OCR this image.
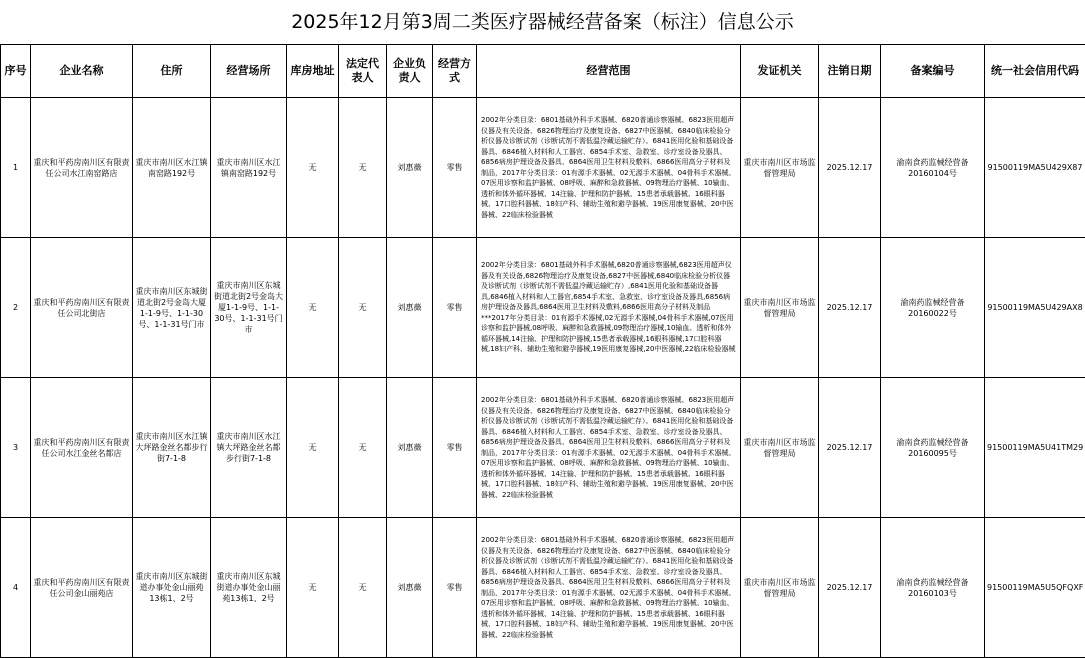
2025年12月第3周二类医疗器械经营备案（标注）信息公示
序号	企业名称	住所	经营场所	库房地址	法定代表人	企业负责人	经营方式	经营范围	发证机关	注销日期	备案编号	统一社会信用代码
1	重庆和平药房南川区有限责任公司水江南窑路店	重庆市南川区水江镇南窑路192号	重庆市南川区水江镇南窑路192号	无	无	刘惠薇	零售	2002年分类目录：6801基础外科手术器械、6820普通诊察器械、6823医用超声仪器及有关设备、6826物理治疗及康复设备、6827中医器械、6840临床检验分析仪器及诊断试剂（诊断试剂不需低温冷藏运输贮存）、6841医用化验和基础设备器具、6846植入材料和人工器官、6854手术室、急救室、诊疗室设备及器具、6856病房护理设备及器具、6864医用卫生材料及敷料、6866医用高分子材料及制品，2017年分类目录：01有源手术器械、02无源手术器械、04骨科手术器械、07医用诊察和监护器械、08呼吸、麻醉和急救器械、09物理治疗器械、10输血、透析和体外循环器械、14注输、护理和防护器械、15患者承载器械、16眼科器械、17口腔科器械、18妇产科、辅助生殖和避孕器械、19医用康复器械、20中医器械、22临床检验器械	重庆市南川区市场监督管理局	2025.12.17	渝南食药监械经营备20160104号	91500119MA5U429X87
2	重庆和平药房南川区有限责任公司北街店	重庆市南川区东城街道北街2号金岛大厦1-1-9号、1-1-30号、1-1-31号门市	重庆市南川区东城街道北街2号金岛大厦1-1-9号、1-1-30号、1-1-31号门市	无	无	刘惠薇	零售	2002年分类目录：6801基础外科手术器械,6820普通诊察器械,6823医用超声仪器及有关设备,6826物理治疗及康复设备,6827中医器械,6840临床检验分析仪器及诊断试剂（诊断试剂不需低温冷藏运输贮存）,6841医用化验和基础设备器具,6846植入材料和人工器官,6854手术室、急救室、诊疗室设备及器具,6856病房护理设备及器具,6864医用卫生材料及敷料,6866医用高分子材料及制品***2017年分类目录：01有源手术器械,02无源手术器械,04骨科手术器械,07医用诊察和监护器械,08呼吸、麻醉和急救器械,09物理治疗器械,10输血、透析和体外循环器械,14注输、护理和防护器械,15患者承载器械,16眼科器械,17口腔科器械,18妇产科、辅助生殖和避孕器械,19医用康复器械,20中医器械,22临床检验器械	重庆市南川区市场监督管理局	2025.12.17	渝南药监械经营备20160022号	91500119MA5U429AX8
3	重庆和平药房南川区有限责任公司水江金丝名都店	重庆市南川区水江镇大坪路金丝名都步行街7-1-8	重庆市南川区水江镇大坪路金丝名都步行街7-1-8	无	无	刘惠薇	零售	2002年分类目录：6801基础外科手术器械、6820普通诊察器械、6823医用超声仪器及有关设备、6826物理治疗及康复设备、6827中医器械、6840临床检验分析仪器及诊断试剂（诊断试剂不需低温冷藏运输贮存）、6841医用化验和基础设备器具、6846植入材料和人工器官、6854手术室、急救室、诊疗室设备及器具、6856病房护理设备及器具、6864医用卫生材料及敷料、6866医用高分子材料及制品，2017年分类目录：01有源手术器械、02无源手术器械、04骨科手术器械、07医用诊察和监护器械、08呼吸、麻醉和急救器械、09物理治疗器械、10输血、透析和体外循环器械、14注输、护理和防护器械、15患者承载器械、16眼科器械、17口腔科器械、18妇产科、辅助生殖和避孕器械、19医用康复器械、20中医器械、22临床检验器械	重庆市南川区市场监督管理局	2025.12.17	渝南食药监械经营备20160095号	91500119MA5U41TM29
4	重庆和平药房南川区有限责任公司金山丽苑店	重庆市南川区东城街道办事处金山丽苑13栋1、2号	重庆市南川区东城街道办事处金山丽苑13栋1、2号	无	无	刘惠薇	零售	2002年分类目录：6801基础外科手术器械、6820普通诊察器械、6823医用超声仪器及有关设备、6826物理治疗及康复设备、6827中医器械、6840临床检验分析仪器及诊断试剂（诊断试剂不需低温冷藏运输贮存）、6841医用化验和基础设备器具、6846植入材料和人工器官、6854手术室、急救室、诊疗室设备及器具、6856病房护理设备及器具、6864医用卫生材料及敷料、6866医用高分子材料及制品，2017年分类目录：01有源手术器械、02无源手术器械、04骨科手术器械、07医用诊察和监护器械、08呼吸、麻醉和急救器械、09物理治疗器械、10输血、透析和体外循环器械、14注输、护理和防护器械、15患者承载器械、16眼科器械、17口腔科器械、18妇产科、辅助生殖和避孕器械、19医用康复器械、20中医器械、22临床检验器械	重庆市南川区市场监督管理局	2025.12.17	渝南食药监械经营备20160103号	91500119MA5U5QFQXF
